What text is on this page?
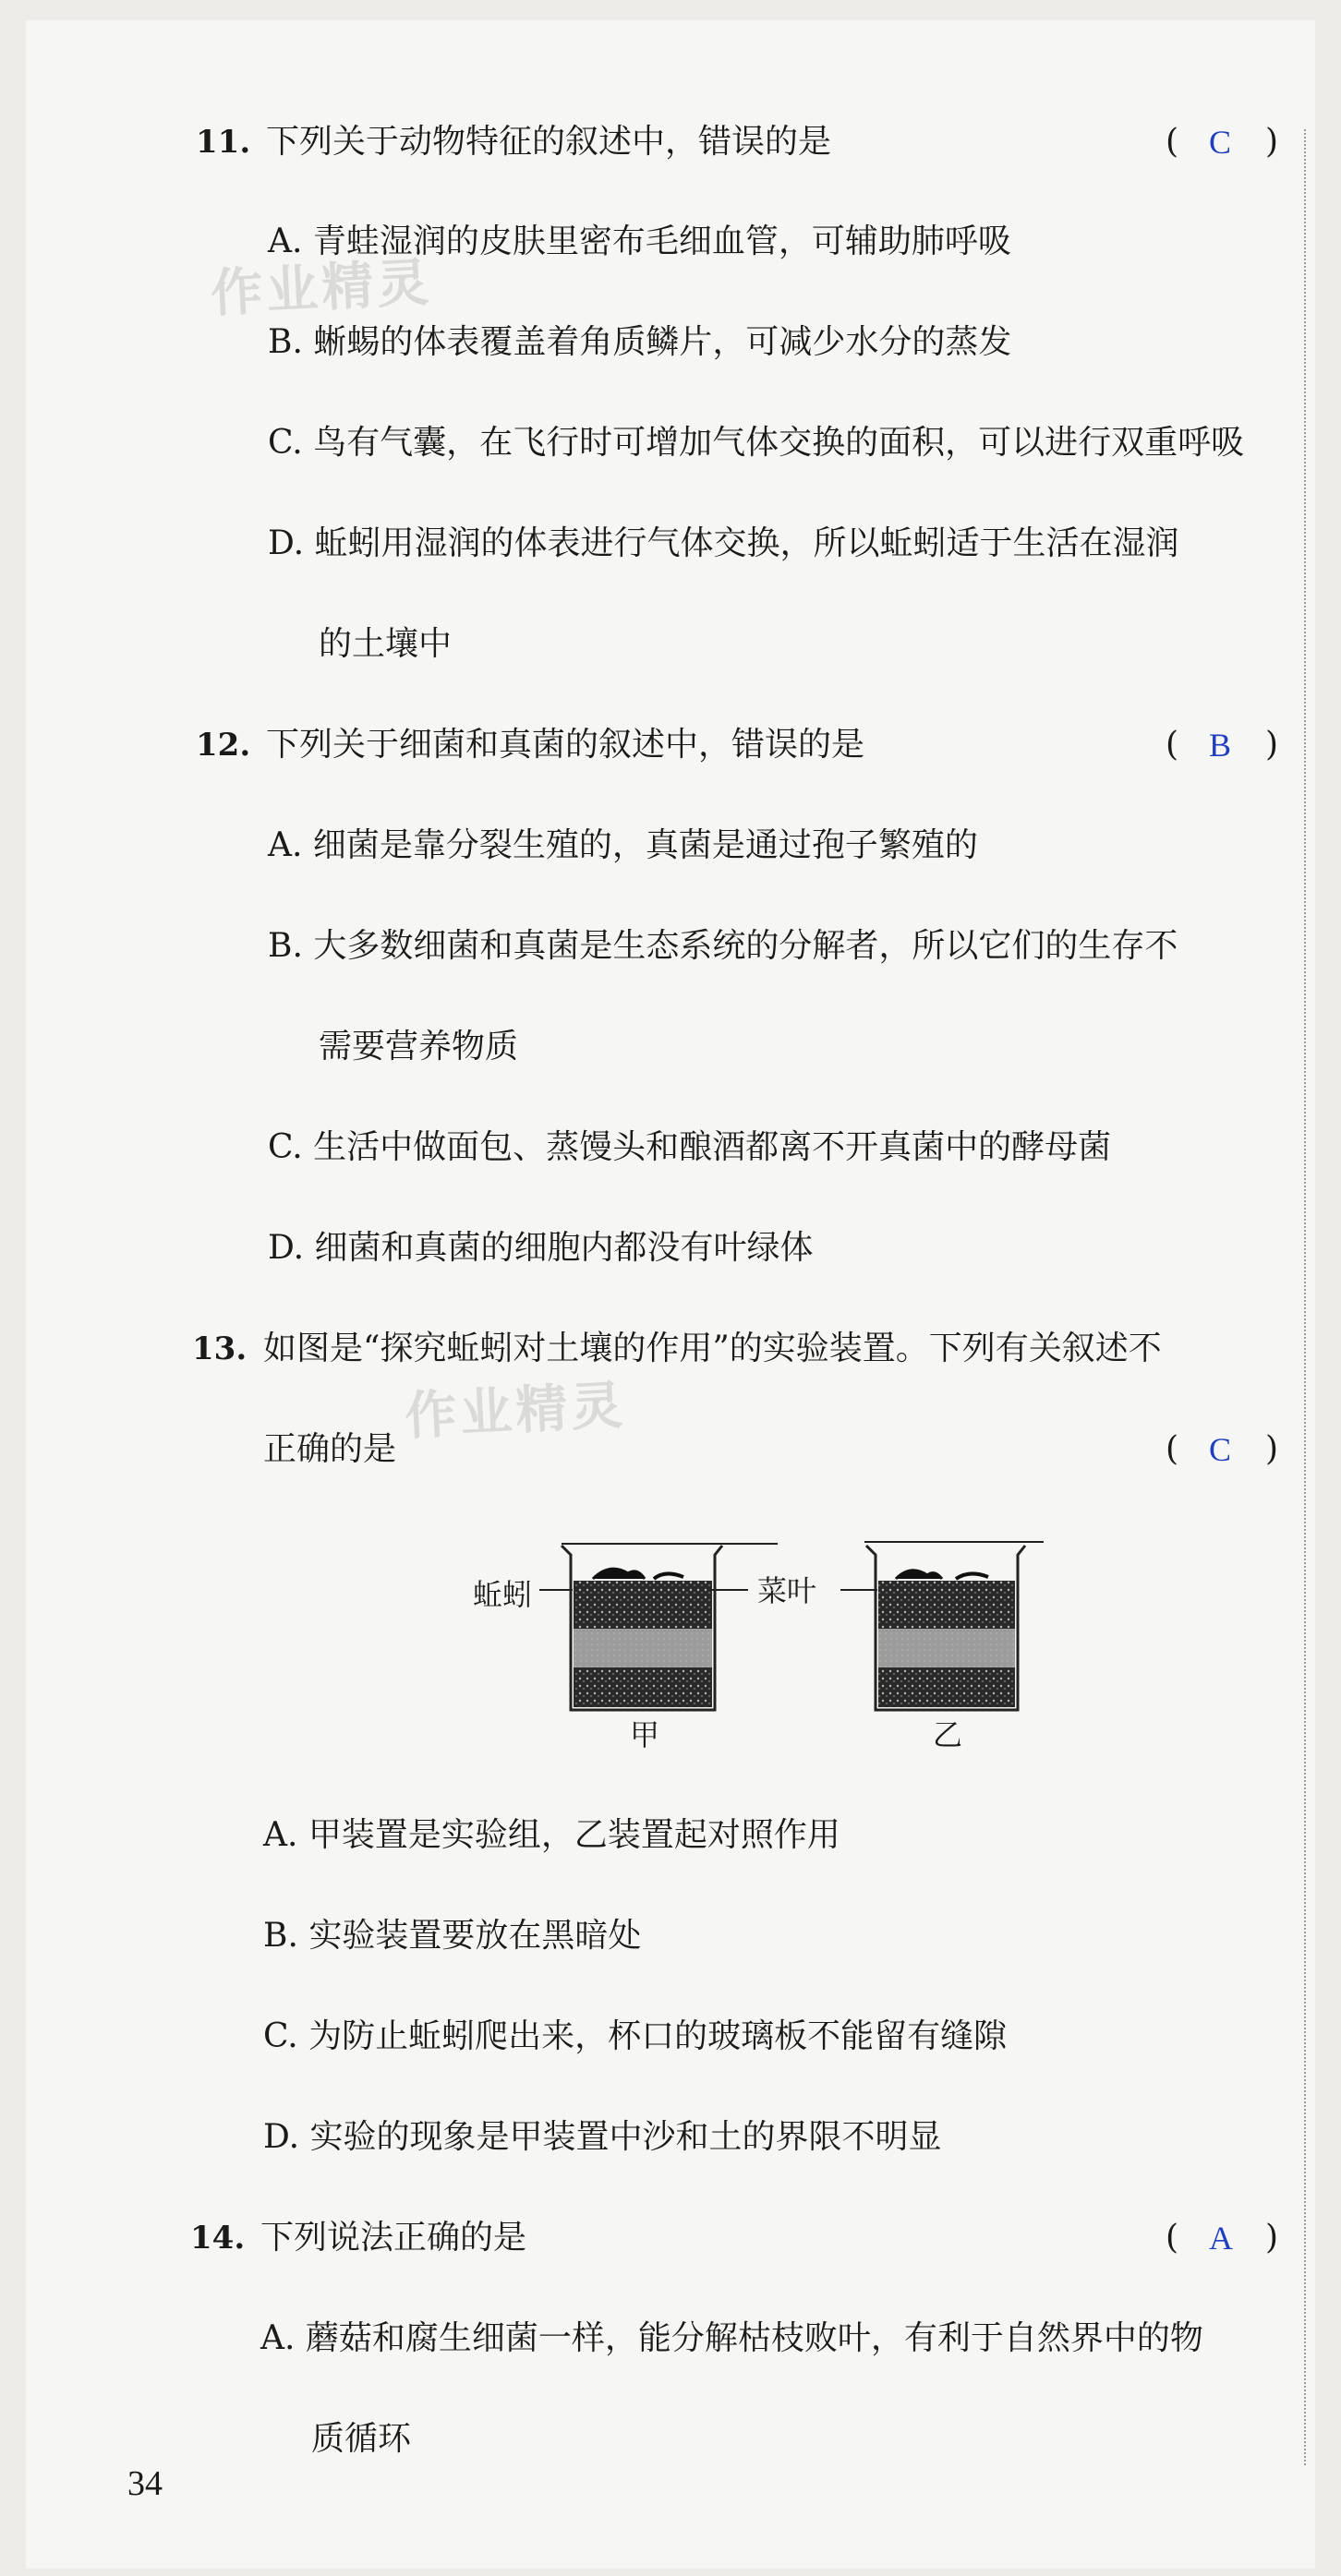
作业精灵
作业精灵
11. 下列关于动物特征的叙述中，错误的是	( C )
A. 青蛙湿润的皮肤里密布毛细血管，可辅助肺呼吸
B. 蜥蜴的体表覆盖着角质鳞片，可减少水分的蒸发
C. 鸟有气囊，在飞行时可增加气体交换的面积，可以进行双重呼吸
D. 蚯蚓用湿润的体表进行气体交换，所以蚯蚓适于生活在湿润
的土壤中
12. 下列关于细菌和真菌的叙述中，错误的是	( B )
A. 细菌是靠分裂生殖的，真菌是通过孢子繁殖的
B. 大多数细菌和真菌是生态系统的分解者，所以它们的生存不
需要营养物质
C. 生活中做面包、蒸馒头和酿酒都离不开真菌中的酵母菌
D. 细菌和真菌的细胞内都没有叶绿体
13. 如图是“探究蚯蚓对土壤的作用”的实验装置。下列有关叙述不
正确的是	( C )
蚯蚓	菜叶
甲	乙
A. 甲装置是实验组，乙装置起对照作用
B. 实验装置要放在黑暗处
C. 为防止蚯蚓爬出来，杯口的玻璃板不能留有缝隙
D. 实验的现象是甲装置中沙和土的界限不明显
14. 下列说法正确的是	( A )
A. 蘑菇和腐生细菌一样，能分解枯枝败叶，有利于自然界中的物
质循环
34
